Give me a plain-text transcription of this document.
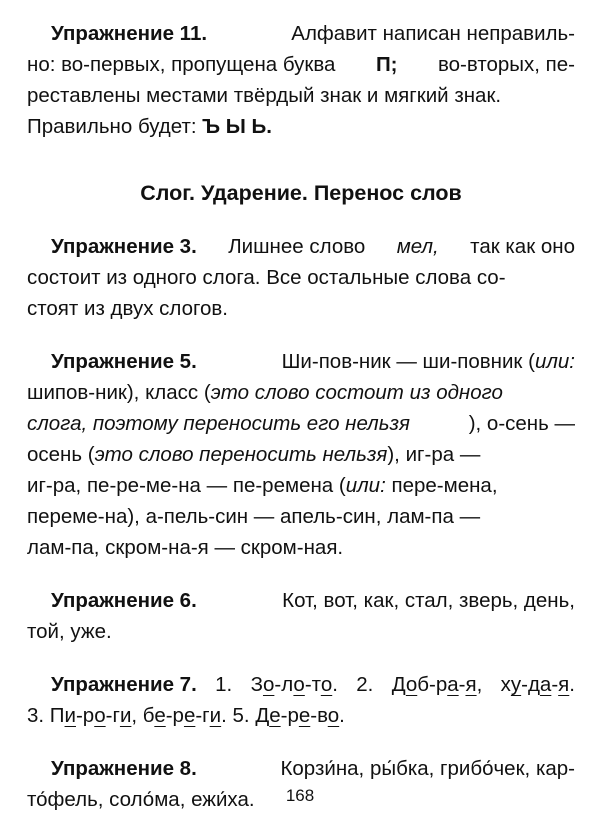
Упражнение 11.	Алфавит написан неправиль-
но: во-первых, пропущена буква П; во-вторых, пе-
реставлены местами твёрдый знак и мягкий знак.
Правильно будет: Ъ Ы Ь.
Слог. Ударение. Перенос слов
Упражнение 3. Лишнее слово мел, так как оно
состоит из одного слога. Все остальные слова со-
стоят из двух слогов.
Упражнение 5.	Ши-пов-ник — ши-повник (или:
шипов-ник), класс (это слово состоит из одного
слога, поэтому переносить его нельзя	), о-сень —
осень (это слово переносить нельзя), иг-ра —
иг-ра, пе-ре-ме-на — пе-ремена (или: пере-мена,
переме-на), а-пель-син — апель-син, лам-па —
лам-па, скром-на-я — скром-ная.
Упражнение 6.	Кот, вот, как, стал, зверь, день,
той, уже.
Упражнение 7. 1. Зо-ло-то. 2. Доб-ра-я, ху-да-я.
3. Пи-ро-ги,
бе-ре-ги. 5. Де-ре-во.
Упражнение 8.	Корзи́на, ры́бка, грибо́чек, кар-
то́фель, соло́ма, ежи́ха.	168
